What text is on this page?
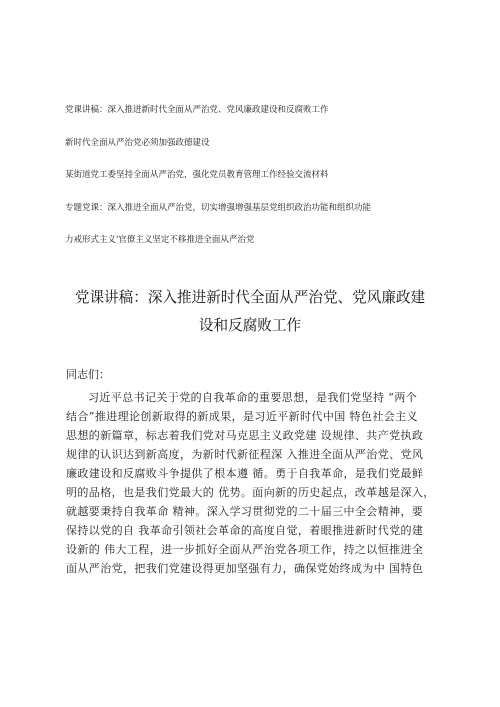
党课讲稿：深入推进新时代全面从严治党、党风廉政建设和反腐败工作
新时代全面从严治党必须加强政德建设
某街道党工委坚持全面从严治党，强化党员教育管理工作经验交流材料
专题党课：深入推进全面从严治党，切实增强增强基层党组织政治功能和组织功能
力戒形式主义'官僚主义坚定不移推进全面从严治党
党课讲稿：深入推进新时代全面从严治党、党风廉政建
设和反腐败工作
同志们：
习近平总书记关于党的自我革命的重要思想，是我们党坚持 “两个
结合”推进理论创新取得的新成果，是习近平新时代中国 特色社会主义
思想的新篇章，标志着我们党对马克思主义政党建 设规律、共产党执政
规律的认识达到新高度，为新时代新征程深 入推进全面从严治党、党风
廉政建设和反腐败斗争提供了根本遵 循。勇于自我革命，是我们党最鲜
明的品格，也是我们党最大的 优势。面向新的历史起点，改革越是深入，
就越要秉持自我革命 精神。深入学习贯彻党的二十届三中全会精神，要
保持以党的自 我革命引领社会革命的高度自觉，着眼推进新时代党的建
设新的 伟大工程，进一步抓好全面从严治党各项工作，持之以恒推进全
面从严治党，把我们党建设得更加坚强有力，确保党始终成为中 国特色
